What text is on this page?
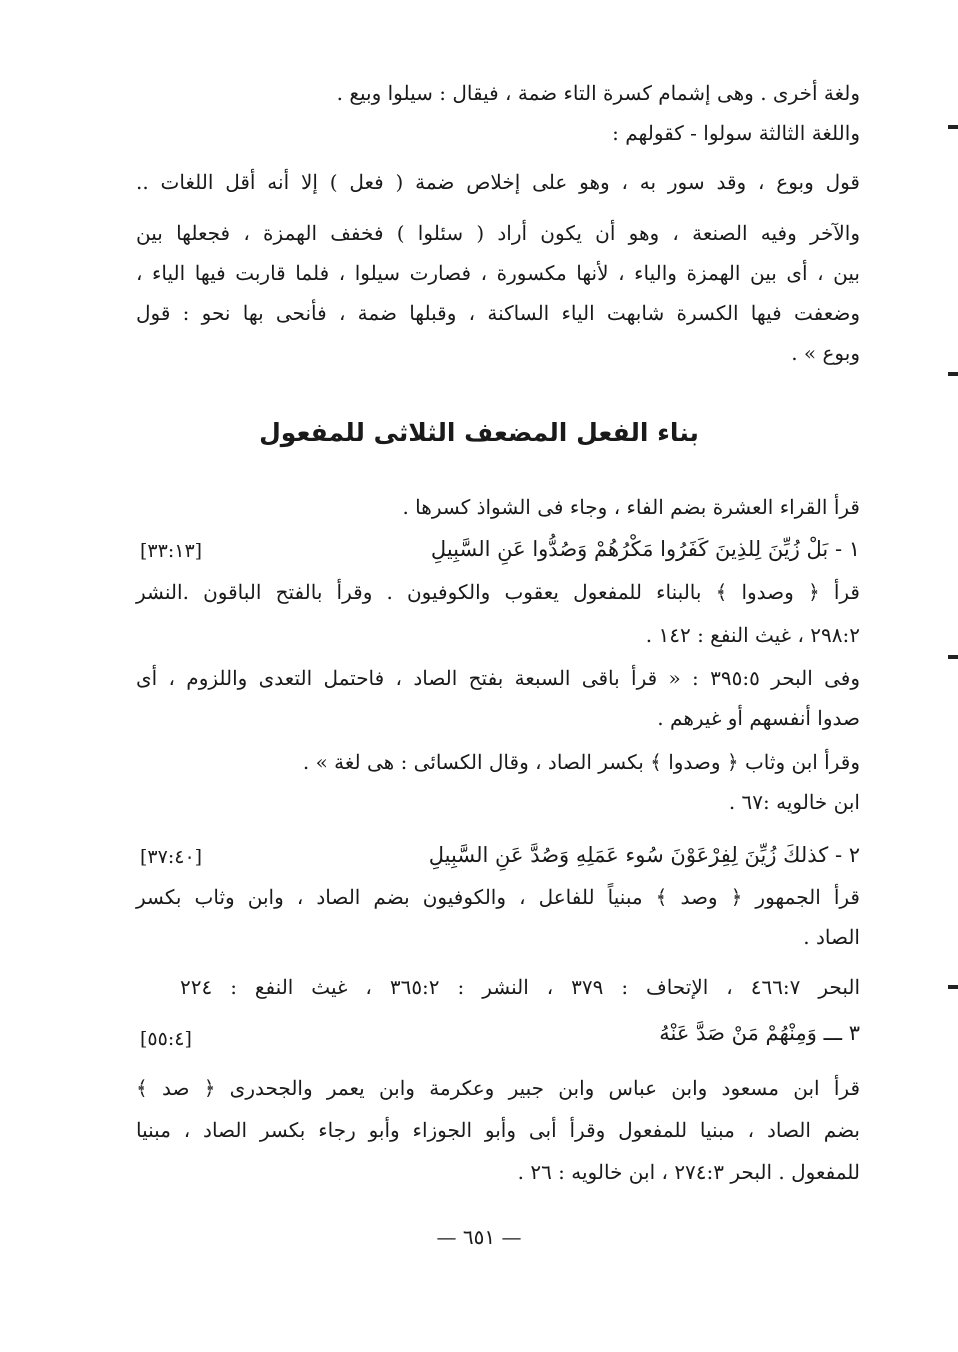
ولغة أخرى . وهى إشمام كسرة التاء ضمة ، فيقال : سيلوا وبيع .
واللغة الثالثة سولوا - كقولهم :
قول وبوع ، وقد سور به ، وهو على إخلاص ضمة ( فعل ) إلا أنه أقل اللغات ..
والآخر وفيه الصنعة ، وهو أن يكون أراد ( سئلوا ) فخفف الهمزة ، فجعلها بين
بين ، أى بين الهمزة والياء ، لأنها مكسورة ، فصارت سيلوا ، فلما قاربت فيها الياء ،
وضعفت فيها الكسرة شابهت الياء الساكنة ، وقبلها ضمة ، فأنحى بها نحو : قول
وبوع » .
بناء الفعل المضعف الثلاثى للمفعول
قرأ القراء العشرة بضم الفاء ، وجاء فى الشواذ كسرها .
١ - بَلْ زُيِّنَ لِلذِينَ كَفَرُوا مَكْرُهُمْ وَصُدُّوا عَنِ السَّبِيلِ
[٣٣:١٣]
قرأ ﴿ وصدوا ﴾ بالبناء للمفعول يعقوب والكوفيون . وقرأ بالفتح الباقون .النشر
٢٩٨:٢ ، غيث النفع : ١٤٢ .
وفى البحر ٣٩٥:٥ : « قرأ باقى السبعة بفتح الصاد ، فاحتمل التعدى واللزوم ، أى
صدوا أنفسهم أو غيرهم .
وقرأ ابن وثاب ﴿ وصدوا ﴾ بكسر الصاد ، وقال الكسائى : هى لغة » .
ابن خالويه :٦٧ .
٢ - كذلكَ زُيِّنَ لِفِرْعَوْنَ سُوء عَمَلِهِ وَصُدَّ عَنِ السَّبِيلِ
[٣٧:٤٠]
قرأ الجمهور ﴿ وصد ﴾ مبنياً للفاعل ، والكوفيون بضم الصاد ، وابن وثاب بكسر
الصاد .
البحر ٤٦٦:٧ ، الإتحاف : ٣٧٩ ، النشر : ٣٦٥:٢ ، غيث النفع : ٢٢٤
٣ ـــ وَمِنْهُمْ مَنْ صَدَّ عَنْهُ
[٥٥:٤]
قرأ ابن مسعود وابن عباس وابن جبير وعكرمة وابن يعمر والجحدرى ﴿ صد ﴾
بضم الصاد ، مبنيا للمفعول وقرأ أبى وأبو الجوزاء وأبو رجاء بكسر الصاد ، مبنيا
للمفعول . البحر ٢٧٤:٣ ، ابن خالويه : ٢٦ .
— ٦٥١ —
